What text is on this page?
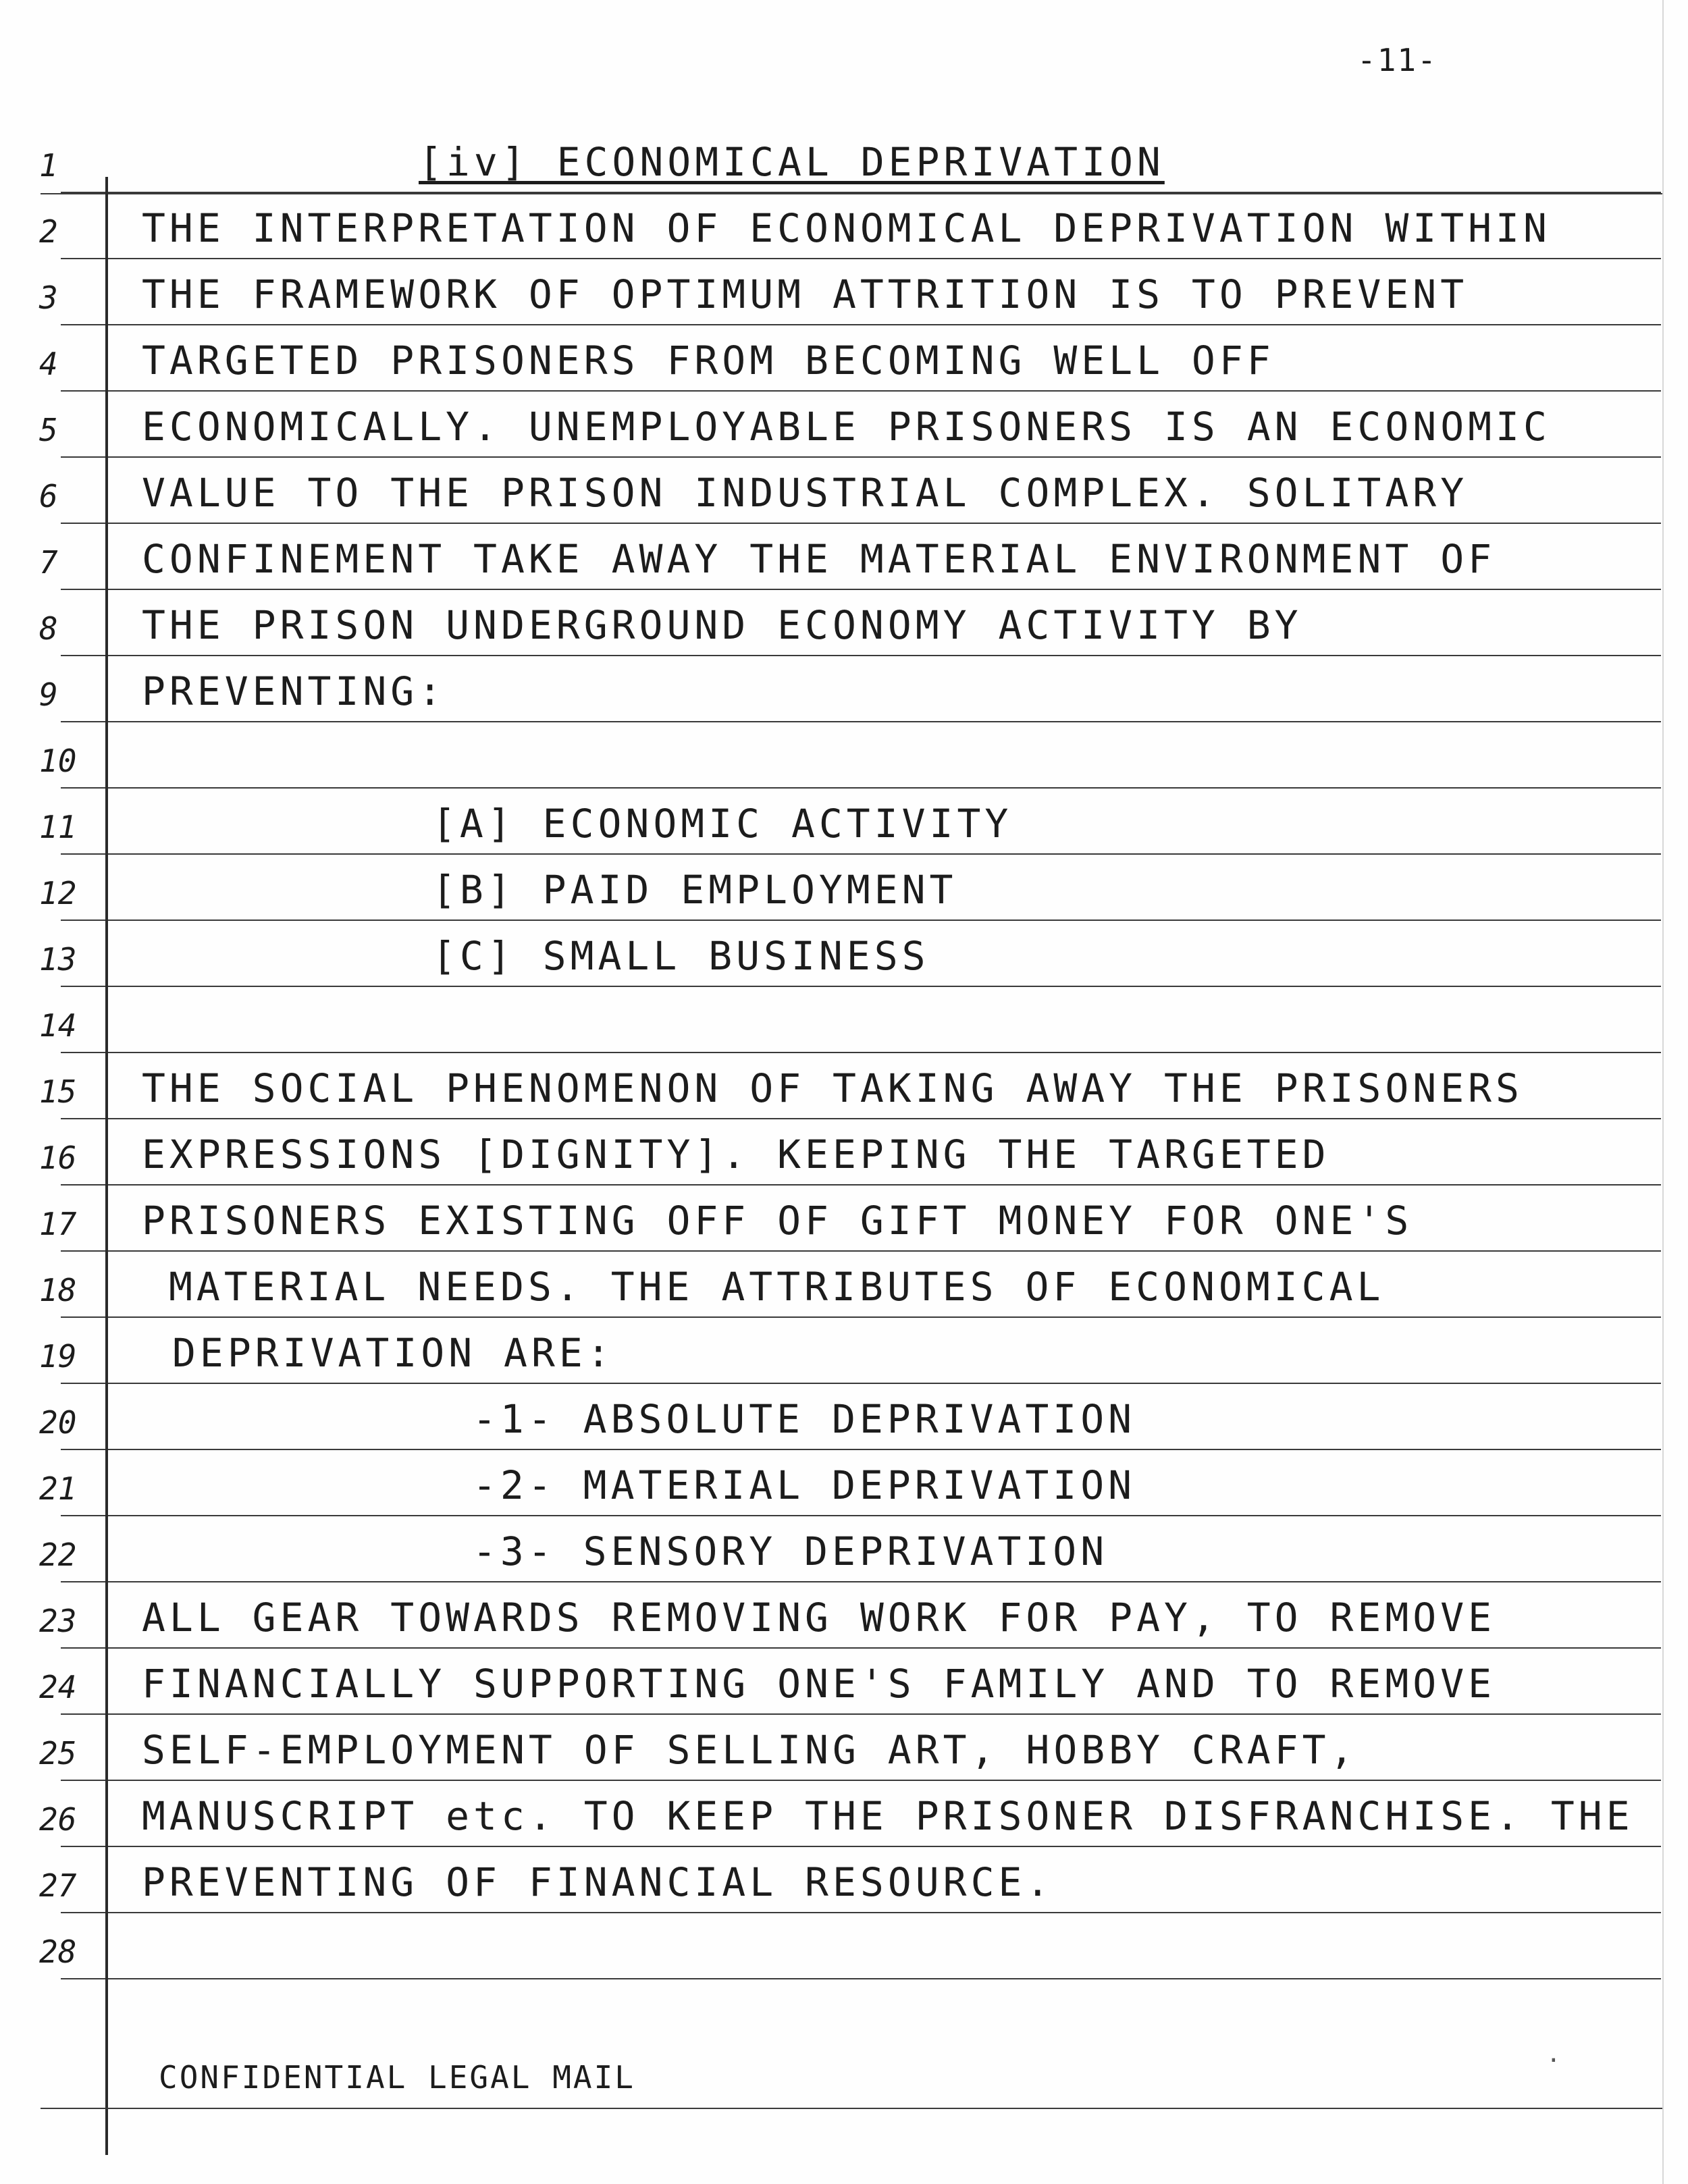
-11-
1	[iv] ECONOMICAL DEPRIVATION
2 THE INTERPRETATION OF ECONOMICAL DEPRIVATION WITHIN
3 THE FRAMEWORK OF OPTIMUM ATTRITION IS TO PREVENT
4 TARGETED PRISONERS FROM BECOMING WELL OFF
5 ECONOMICALLY. UNEMPLOYABLE PRISONERS IS AN ECONOMIC
6 VALUE TO THE PRISON INDUSTRIAL COMPLEX. SOLITARY
7 CONFINEMENT TAKE AWAY THE MATERIAL ENVIRONMENT OF
8 THE PRISON UNDERGROUND ECONOMY ACTIVITY BY
9 PREVENTING:
10
11	[A] ECONOMIC ACTIVITY
12	[B] PAID EMPLOYMENT
13	[C] SMALL BUSINESS
14
15 THE SOCIAL PHENOMENON OF TAKING AWAY THE PRISONERS
16 EXPRESSIONS [DIGNITY]. KEEPING THE TARGETED
17 PRISONERS EXISTING OFF OF GIFT MONEY FOR ONE'S
18 MATERIAL NEEDS. THE ATTRIBUTES OF ECONOMICAL
19 DEPRIVATION ARE:
20	-1- ABSOLUTE DEPRIVATION
21	-2- MATERIAL DEPRIVATION
22	-3- SENSORY DEPRIVATION
23 ALL GEAR TOWARDS REMOVING WORK FOR PAY, TO REMOVE
24 FINANCIALLY SUPPORTING ONE'S FAMILY AND TO REMOVE
25 SELF-EMPLOYMENT OF SELLING ART, HOBBY CRAFT,
26 MANUSCRIPT etc. TO KEEP THE PRISONER DISFRANCHISE. THE
27 PREVENTING OF FINANCIAL RESOURCE.
28
CONFIDENTIAL LEGAL MAIL	·
